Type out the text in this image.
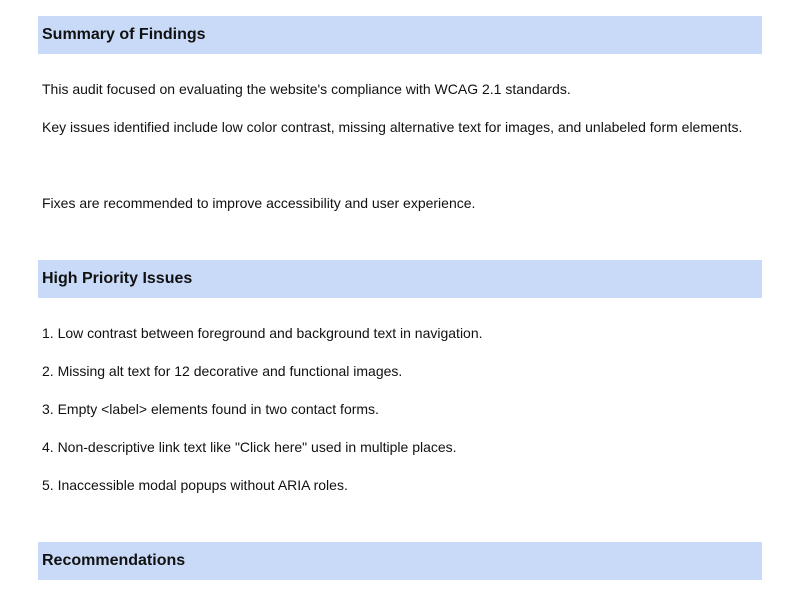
Summary of Findings

This audit focused on evaluating the website's compliance with WCAG 2.1 standards.

Key issues identified include low color contrast, missing alternative text for images, and unlabeled form elements.

Fixes are recommended to improve accessibility and user experience.

High Priority Issues
1. Low contrast between foreground and background text in navigation.
2. Missing alt text for 12 decorative and functional images.
3. Empty <label> elements found in two contact forms.
4. Non-descriptive link text like "Click here" used in multiple places.
5. Inaccessible modal popups without ARIA roles.
Recommendations
